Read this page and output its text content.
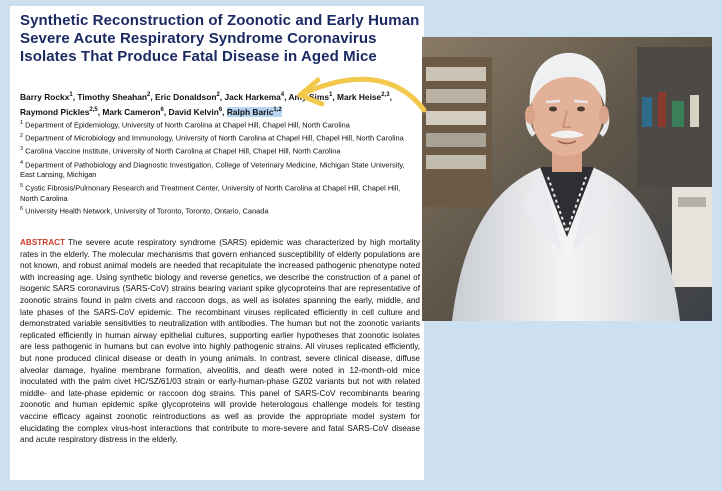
Synthetic Reconstruction of Zoonotic and Early Human Severe Acute Respiratory Syndrome Coronavirus Isolates That Produce Fatal Disease in Aged Mice
Barry Rockx$^1$, Timothy Sheahan$^2$, Eric Donaldson$^2$, Jack Harkema$^4$, Amy Sims$^1$, Mark Heise$^{2,3}$, Raymond Pickles$^{2,5}$, Mark Cameron$^6$, David Kelvin$^6$, Ralph Baric$^{1,2}$
$^1$ Department of Epidemiology, University of North Carolina at Chapel Hill, Chapel Hill, North Carolina
$^2$ Department of Microbiology and Immunology, University of North Carolina at Chapel Hill, Chapel Hill, North Carolina
$^3$ Carolina Vaccine Institute, University of North Carolina at Chapel Hill, Chapel Hill, North Carolina
$^4$ Department of Pathobiology and Diagnostic Investigation, College of Veterinary Medicine, Michigan State University, East Lansing, Michigan
$^5$ Cystic Fibrosis/Pulmonary Research and Treatment Center, University of North Carolina at Chapel Hill, Chapel Hill, North Carolina
$^6$ University Health Network, University of Toronto, Toronto, Ontario, Canada
ABSTRACT The severe acute respiratory syndrome (SARS) epidemic was characterized by high mortality rates in the elderly. The molecular mechanisms that govern enhanced susceptibility of elderly populations are not known, and robust animal models are needed that recapitulate the increased pathogenic phenotype noted with increasing age. Using synthetic biology and reverse genetics, we describe the construction of a panel of isogenic SARS coronavirus (SARS-CoV) strains bearing variant spike glycoproteins that are representative of zoonotic strains found in palm civets and raccoon dogs, as well as isolates spanning the early, middle, and late phases of the SARS-CoV epidemic. The recombinant viruses replicated efficiently in cell culture and demonstrated variable sensitivities to neutralization with antibodies. The human but not the zoonotic variants replicated efficiently in human airway epithelial cultures, supporting earlier hypotheses that zoonotic isolates are less pathogenic in humans but can evolve into highly pathogenic strains. All viruses replicated efficiently, but none produced clinical disease or death in young animals. In contrast, severe clinical disease, diffuse alveolar damage, hyaline membrane formation, alveolitis, and death were noted in 12-month-old mice inoculated with the palm civet HC/SZ/61/03 strain or early-human-phase GZ02 variants but not with related middle- and late-phase epidemic or raccoon dog strains. This panel of SARS-CoV recombinants bearing zoonotic and human epidemic spike glycoproteins will provide heterologous challenge models for testing vaccine efficacy against zoonotic reintroductions as well as provide the appropriate model system for elucidating the complex virus-host interactions that contribute to more-severe and fatal SARS-CoV disease and acute respiratory distress in the elderly.
